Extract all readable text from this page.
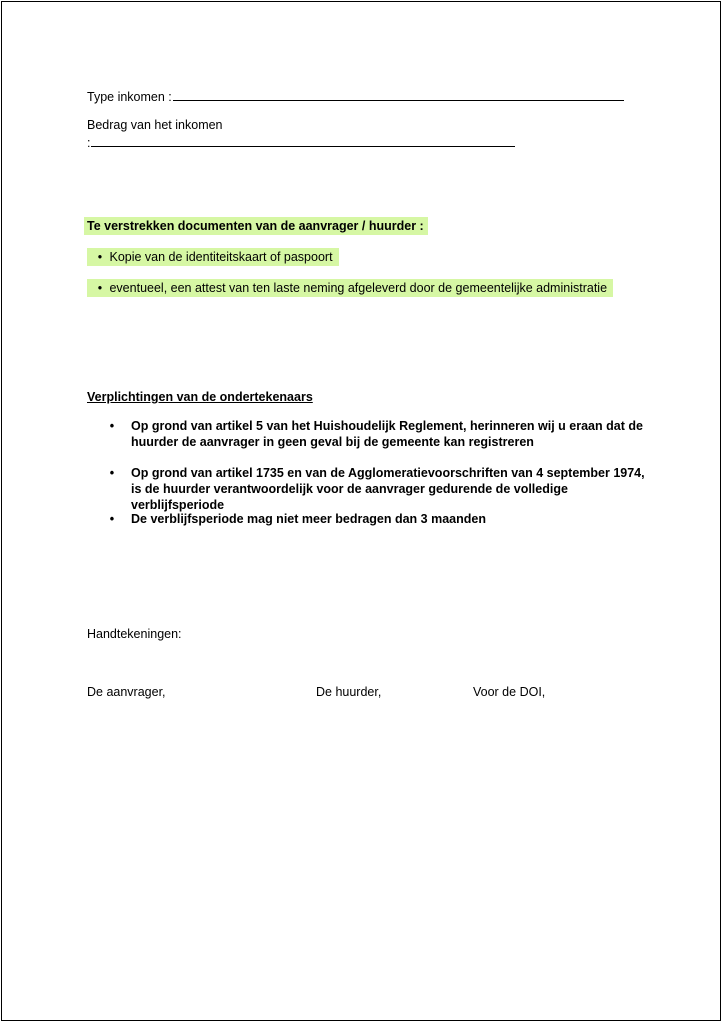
Type inkomen :
Bedrag van het inkomen
:
Te verstrekken documenten van de aanvrager / huurder :
• Kopie van de identiteitskaart of paspoort
• eventueel, een attest van ten laste neming afgeleverd door de gemeentelijke administratie
Verplichtingen van de ondertekenaars
• Op grond van artikel 5 van het Huishoudelijk Reglement, herinneren wij u eraan dat de huurder de aanvrager in geen geval bij de gemeente kan registreren
• Op grond van artikel 1735 en van de Agglomeratievoorschriften van 4 september 1974, is de huurder verantwoordelijk voor de aanvrager gedurende de volledige verblijfsperiode
• De verblijfsperiode mag niet meer bedragen dan 3 maanden
Handtekeningen:
De aanvrager,	De huurder,	Voor de DOI,
